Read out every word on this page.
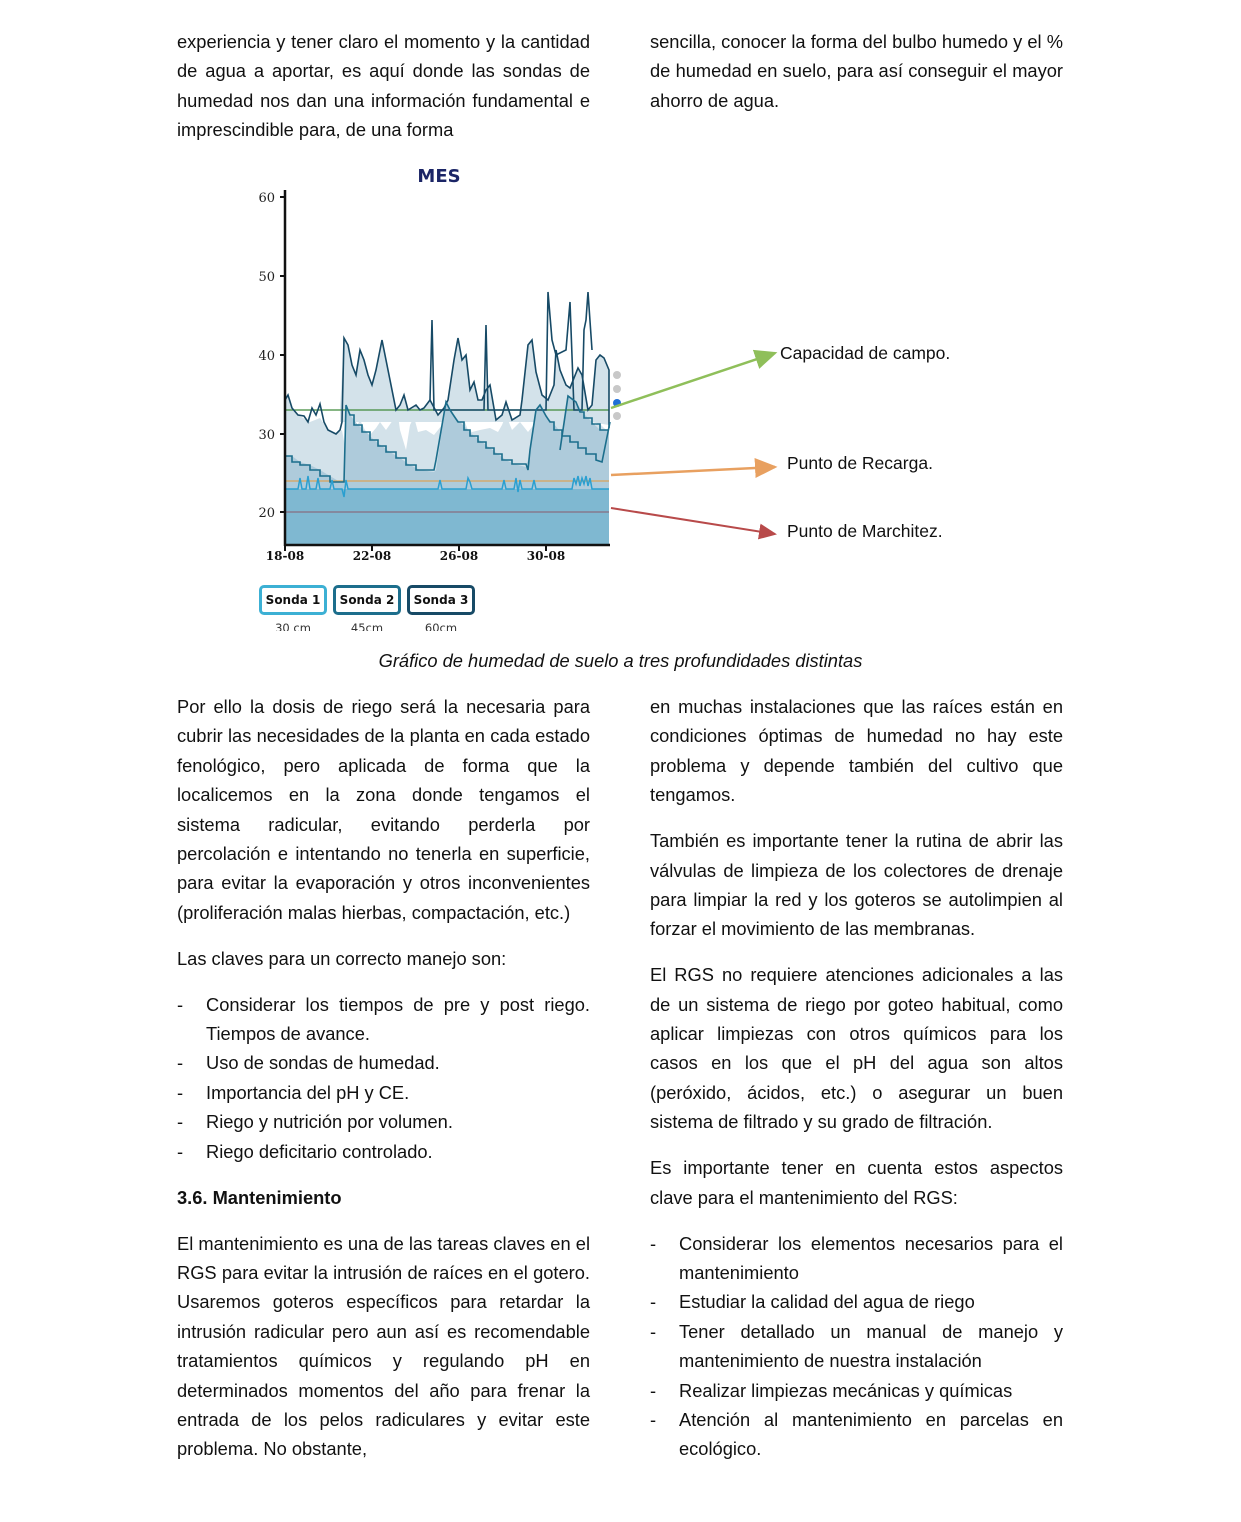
experiencia y tener claro el momento y la cantidad de agua a aportar, es aquí donde las sondas de humedad nos dan una información fundamental e imprescindible para, de una forma

sencilla, conocer la forma del bulbo humedo y el % de humedad en suelo, para así conseguir el mayor ahorro de agua.

MES
60
50
40
30
20
18-08	22-08	26-08	30-08
Capacidad de campo.
Punto de Recarga.
Punto de Marchitez.
Sonda 1
30 cm
Sonda 2
45cm
Sonda 3
60cm
Gráfico de humedad de suelo a tres profundidades distintas

Por ello la dosis de riego será la necesaria para cubrir las necesidades de la planta en cada estado fenológico, pero aplicada de forma que la localicemos en la zona donde tengamos el sistema radicular, evitando perderla por percolación e intentando no tenerla en superficie, para evitar la evaporación y otros inconvenientes (proliferación malas hierbas, compactación, etc.)

Las claves para un correcto manejo son:

- Considerar los tiempos de pre y post riego. Tiempos de avance.
- Uso de sondas de humedad.
- Importancia del pH y CE.
- Riego y nutrición por volumen.
- Riego deficitario controlado.
3.6. Mantenimiento

El mantenimiento es una de las tareas claves en el RGS para evitar la intrusión de raíces en el gotero. Usaremos goteros específicos para retardar la intrusión radicular pero aun así es recomendable tratamientos químicos y regulando pH en determinados momentos del año para frenar la entrada de los pelos radiculares y evitar este problema. No obstante,

en muchas instalaciones que las raíces están en condiciones óptimas de humedad no hay este problema y depende también del cultivo que tengamos.

También es importante tener la rutina de abrir las válvulas de limpieza de los colectores de drenaje para limpiar la red y los goteros se autolimpien al forzar el movimiento de las membranas.

El RGS no requiere atenciones adicionales a las de un sistema de riego por goteo habitual, como aplicar limpiezas con otros químicos para los casos en los que el pH del agua son altos (peróxido, ácidos, etc.) o asegurar un buen sistema de filtrado y su grado de filtración.

Es importante tener en cuenta estos aspectos clave para el mantenimiento del RGS:

- Considerar los elementos necesarios para el mantenimiento
- Estudiar la calidad del agua de riego
- Tener detallado un manual de manejo y mantenimiento de nuestra instalación
- Realizar limpiezas mecánicas y químicas
- Atención al mantenimiento en parcelas en ecológico.
